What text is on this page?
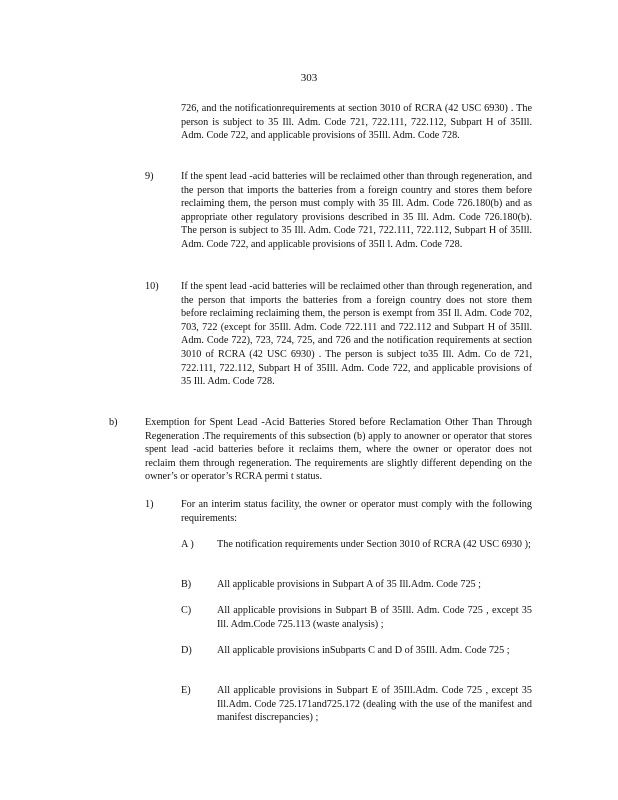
303
726, and the notificationrequirements at section 3010 of RCRA (42 USC 6930) . The person is subject to 35 Ill. Adm. Code 721, 722.111, 722.112, Subpart H of 35Ill. Adm. Code 722, and applicable provisions of 35Ill. Adm. Code 728.
9)	If the spent lead -acid batteries will be reclaimed other than through regeneration, and the person that imports the batteries from a foreign country and stores them before reclaiming them, the person must comply with 35 Ill. Adm. Code 726.180(b) and as appropriate other regulatory provisions described in 35 Ill. Adm. Code 726.180(b). The person is subject to 35 Ill. Adm. Code 721, 722.111, 722.112, Subpart H of 35Ill. Adm. Code 722, and applicable provisions of 35Il l. Adm. Code 728.
10) If the spent lead -acid batteries will be reclaimed other than through regeneration, and the person that imports the batteries from a foreign country does not store them before reclaiming reclaiming them, the person is exempt from 35I ll. Adm. Code 702, 703, 722 (except for 35Ill. Adm. Code 722.111 and 722.112 and Subpart H of 35Ill. Adm. Code 722), 723, 724, 725, and 726 and the notification requirements at section 3010 of RCRA (42 USC 6930) . The person is subject to35 Ill. Adm. Co de 721, 722.111, 722.112, Subpart H of 35Ill. Adm. Code 722, and applicable provisions of 35 Ill. Adm. Code 728.
b)	Exemption for Spent Lead -Acid Batteries Stored before Reclamation Other Than Through Regeneration .The requirements of this subsection (b) apply to anowner or operator that stores spent lead -acid batteries before it reclaims them, where the owner or operator does not reclaim them through regeneration. The requirements are slightly different depending on the owner’s or operator’s RCRA permi t status.
1)	For an interim status facility, the owner or operator must comply with the following requirements:
A ) The notification requirements under Section 3010 of RCRA (42 USC 6930 );
B)	All applicable provisions in Subpart A of 35 Ill.Adm. Code 725 ;
C)	All applicable provisions in Subpart B of 35Ill. Adm. Code 725 , except 35 Ill. Adm.Code 725.113 (waste analysis) ;
D) All applicable provisions inSubparts C and D of 35Ill. Adm. Code 725 ;
E)	All applicable provisions in Subpart E of 35Ill.Adm. Code 725 , except 35 Ill.Adm. Code 725.171and725.172 (dealing with the use of the manifest and manifest discrepancies) ;
